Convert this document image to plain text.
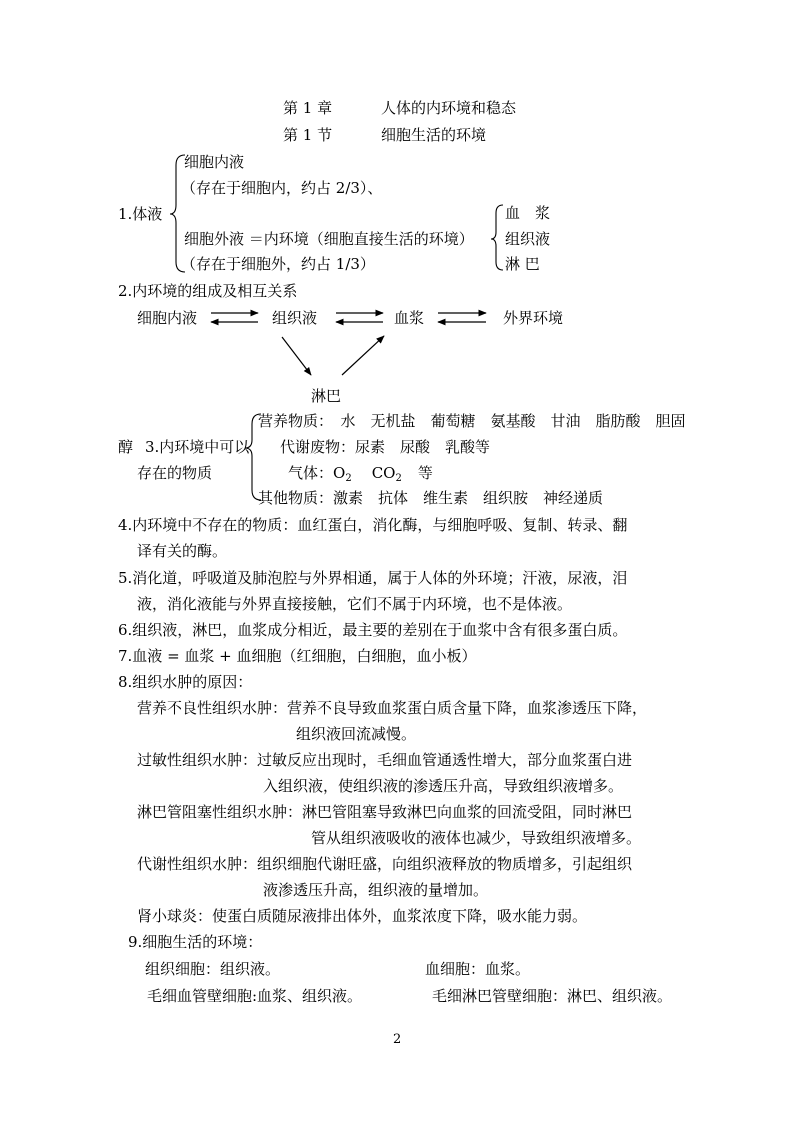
第 1 章	人体的内环境和稳态
第 1 节	细胞生活的环境
1.体液
细胞内液
（存在于细胞内，约占 2/3）、
细胞外液 ＝内环境（细胞直接生活的环境）
（存在于细胞外，约占 1/3）
血　浆
组织液
淋 巴
2.内环境的组成及相互关系
细胞内液	组织液	血浆	外界环境
淋巴
营养物质：　水　无机盐　葡萄糖　氨基酸　甘油　脂肪酸　胆固
醇 3.内环境中可以 代谢废物：尿素　尿酸　乳酸等
存在的物质	气体：$O_2$ $CO_2$ 等
其他物质：激素　抗体　维生素　组织胺　神经递质
4.内环境中不存在的物质：血红蛋白，消化酶，与细胞呼吸、复制、转录、翻
译有关的酶。
5.消化道，呼吸道及肺泡腔与外界相通，属于人体的外环境；汗液，尿液，泪
液，消化液能与外界直接接触，它们不属于内环境，也不是体液。
6.组织液，淋巴，血浆成分相近，最主要的差别在于血浆中含有很多蛋白质。
7.血液 = 血浆 + 血细胞（红细胞，白细胞，血小板）
8.组织水肿的原因：
营养不良性组织水肿：营养不良导致血浆蛋白质含量下降，血浆渗透压下降，
组织液回流减慢。
过敏性组织水肿：过敏反应出现时，毛细血管通透性增大，部分血浆蛋白进
入组织液，使组织液的渗透压升高，导致组织液增多。
淋巴管阻塞性组织水肿：淋巴管阻塞导致淋巴向血浆的回流受阻，同时淋巴
管从组织液吸收的液体也减少，导致组织液增多。
代谢性组织水肿：组织细胞代谢旺盛，向组织液释放的物质增多，引起组织
液渗透压升高，组织液的量增加。
肾小球炎：使蛋白质随尿液排出体外，血浆浓度下降，吸水能力弱。
9.细胞生活的环境：
组织细胞：组织液。	血细胞：血浆。
毛细血管壁细胞:血浆、组织液。	毛细淋巴管壁细胞：淋巴、组织液。
2
